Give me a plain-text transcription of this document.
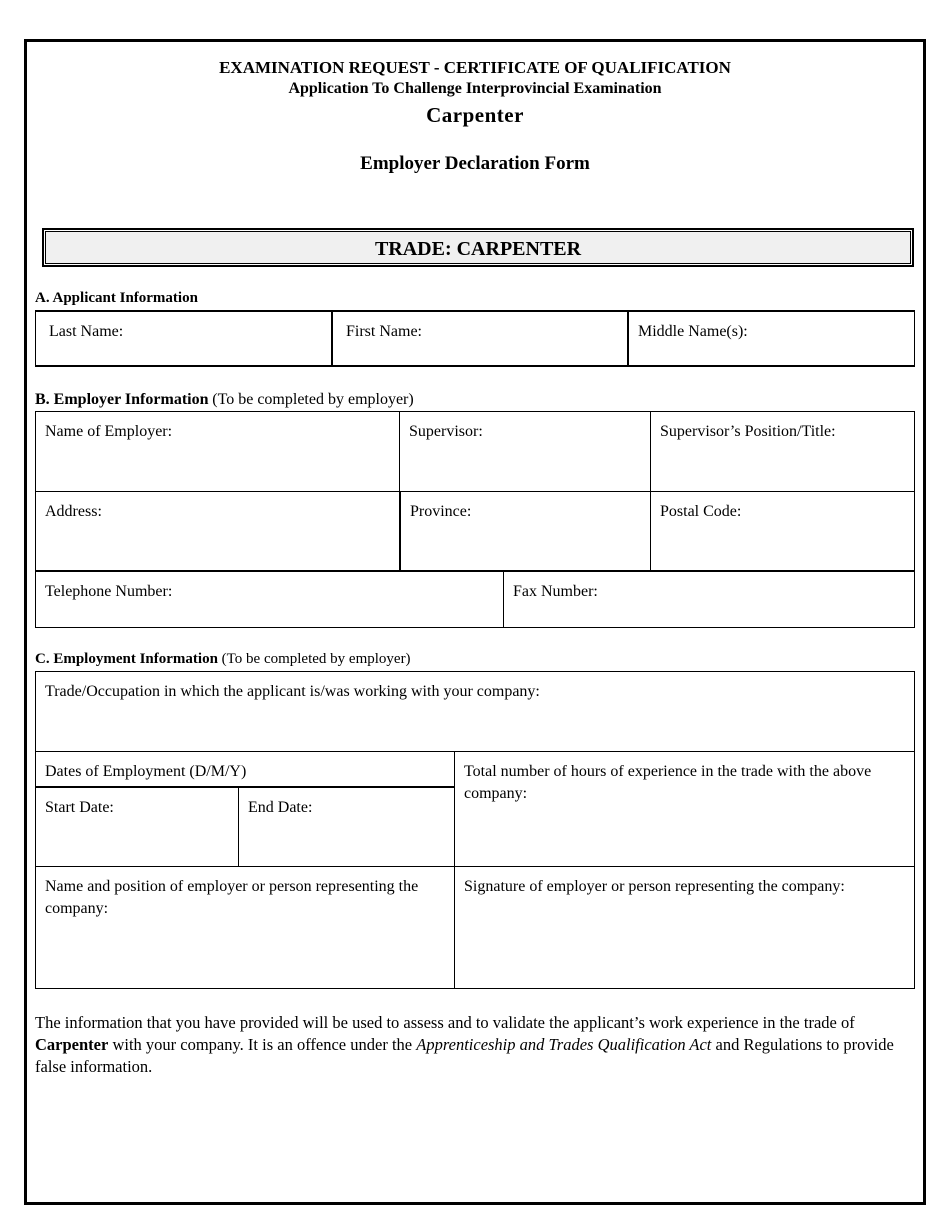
EXAMINATION REQUEST - CERTIFICATE OF QUALIFICATION
Application To Challenge Interprovincial Examination
Carpenter
Employer Declaration Form
TRADE: CARPENTER
A. Applicant Information
Last Name:	First Name:	Middle Name(s):
B. Employer Information (To be completed by employer)
Name of Employer:	Supervisor:	Supervisor’s Position/Title:
Address:	Province:	Postal Code:
Telephone Number:	Fax Number:
C. Employment Information (To be completed by employer)
Trade/Occupation in which the applicant is/was working with your company:
Dates of Employment (D/M/Y)
Start Date:	End Date:
Total number of hours of experience in the trade with the above company:
Name and position of employer or person representing the company:
Signature of employer or person representing the company:
The information that you have provided will be used to assess and to validate the applicant’s work experience in the trade of Carpenter with your company. It is an offence under the Apprenticeship and Trades Qualification Act and Regulations to provide false information.
